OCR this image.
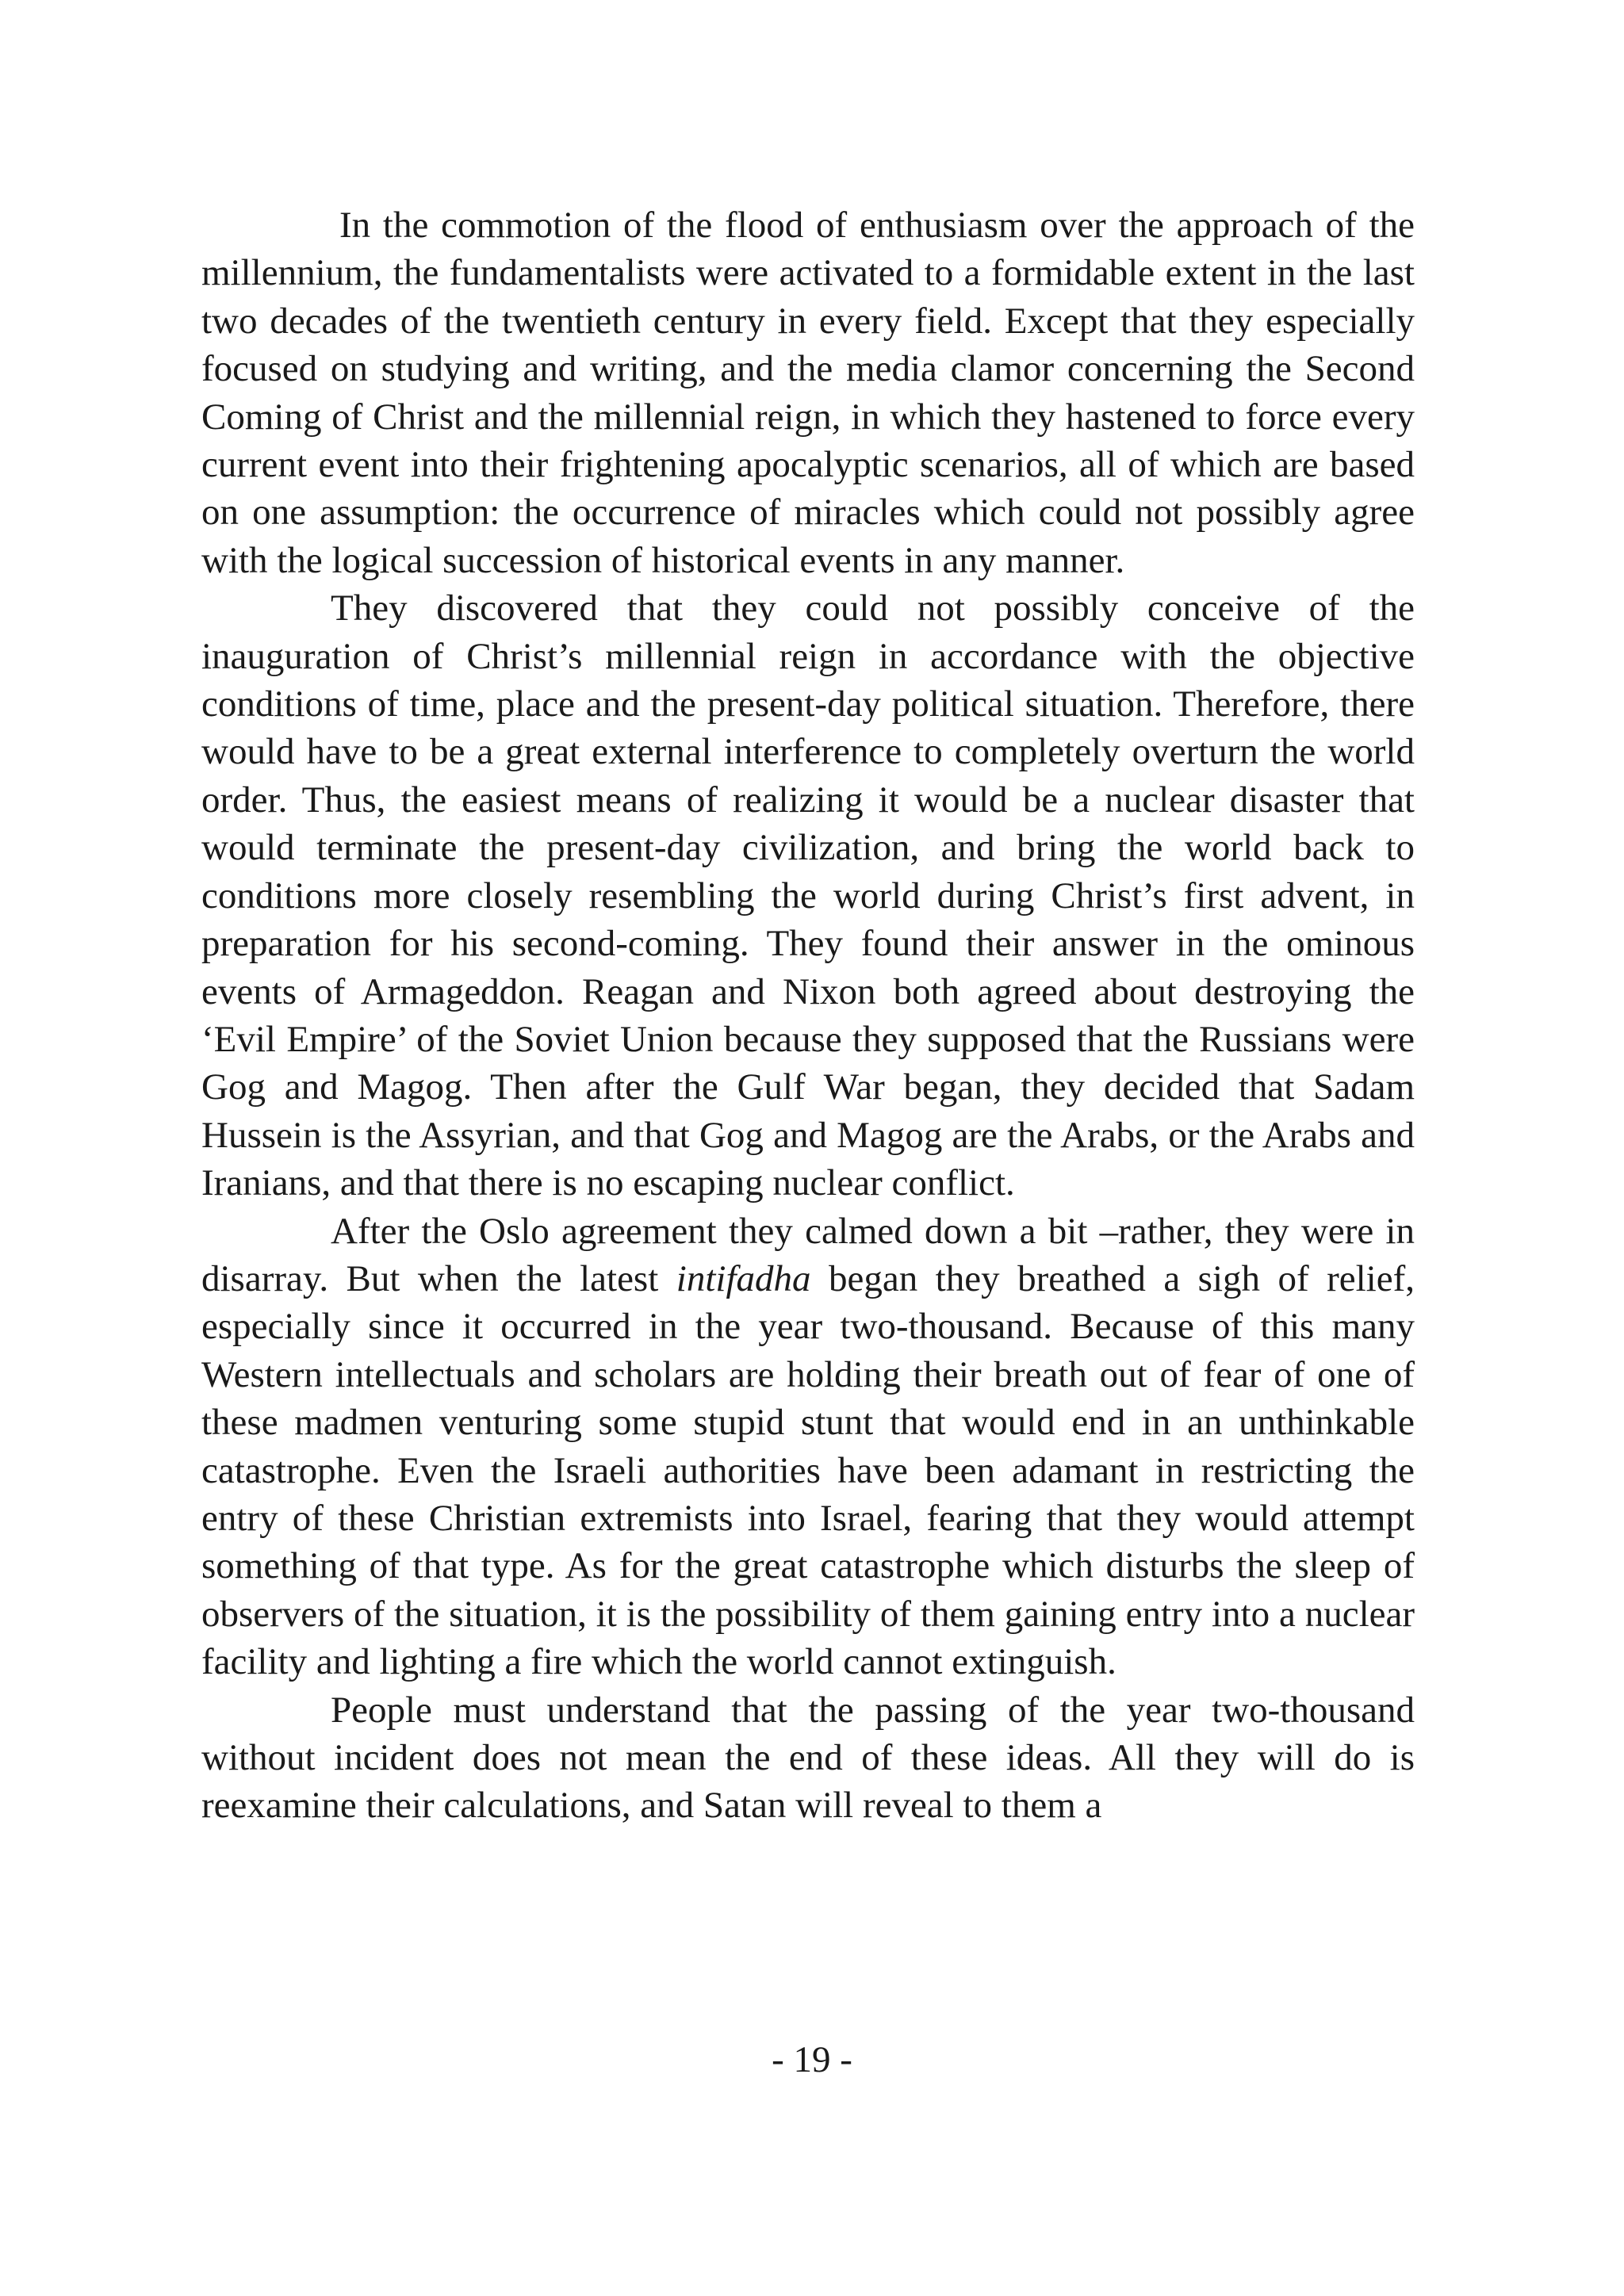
In the commotion of the flood of enthusiasm over the approach of the millennium, the fundamentalists were activated to a formidable extent in the last two decades of the twentieth century in every field. Except that they especially focused on studying and writing, and the media clamor concerning the Second Coming of Christ and the millennial reign, in which they hastened to force every current event into their frightening apocalyptic scenarios, all of which are based on one assumption: the occurrence of miracles which could not possibly agree with the logical succession of historical events in any manner.

They discovered that they could not possibly conceive of the inauguration of Christ’s millennial reign in accordance with the objective conditions of time, place and the present-day political situation. Therefore, there would have to be a great external interference to completely overturn the world order. Thus, the easiest means of realizing it would be a nuclear disaster that would terminate the present-day civilization, and bring the world back to conditions more closely resembling the world during Christ’s first advent, in preparation for his second-coming. They found their answer in the ominous events of Armageddon. Reagan and Nixon both agreed about destroying the ‘Evil Empire’ of the Soviet Union because they supposed that the Russians were Gog and Magog. Then after the Gulf War began, they decided that Sadam Hussein is the Assyrian, and that Gog and Magog are the Arabs, or the Arabs and Iranians, and that there is no escaping nuclear conflict.

After the Oslo agreement they calmed down a bit –rather, they were in disarray. But when the latest intifadha began they breathed a sigh of relief, especially since it occurred in the year two-thousand. Because of this many Western intellectuals and scholars are holding their breath out of fear of one of these madmen venturing some stupid stunt that would end in an unthinkable catastrophe. Even the Israeli authorities have been adamant in restricting the entry of these Christian extremists into Israel, fearing that they would attempt something of that type. As for the great catastrophe which disturbs the sleep of observers of the situation, it is the possibility of them gaining entry into a nuclear facility and lighting a fire which the world cannot extinguish.

People must understand that the passing of the year two-thousand without incident does not mean the end of these ideas. All they will do is reexamine their calculations, and Satan will reveal to them a

- 19 -
